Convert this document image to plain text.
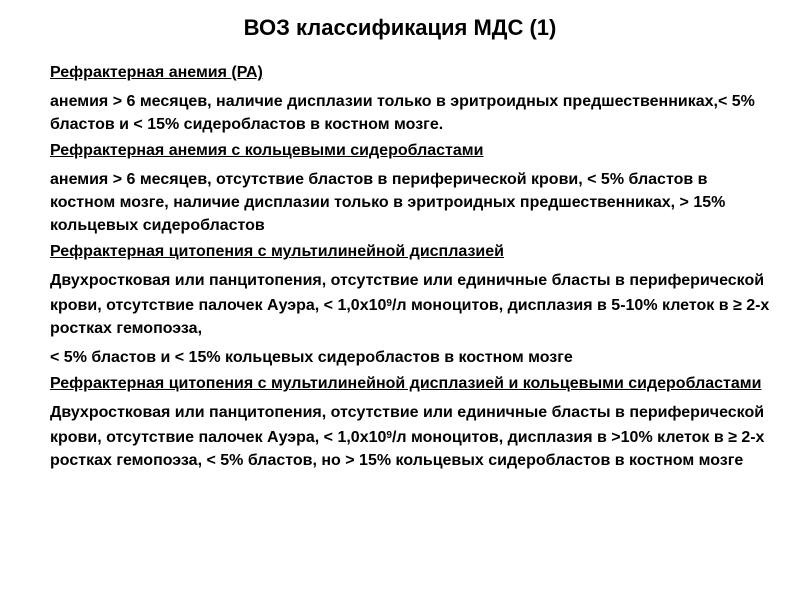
ВОЗ классификация МДС (1)

Рефрактерная анемия (РА)

анемия > 6 месяцев, наличие дисплазии только в эритроидных предшественниках,< 5% бластов и < 15% сидеробластов в костном мозге.

Рефрактерная анемия с кольцевыми сидеробластами

анемия > 6 месяцев, отсутствие бластов в периферической крови, < 5% бластов в костном мозге, наличие дисплазии только в эритроидных предшественниках, > 15% кольцевых сидеробластов

Рефрактерная цитопения с мультилинейной дисплазией

Двухростковая или панцитопения, отсутствие или единичные бласты в периферической крови, отсутствие палочек Ауэра, < $1,0х10^9/л$ моноцитов, дисплазия в 5-10% клеток в ≥ 2-х ростках гемопоэза,

< 5% бластов и < 15% кольцевых сидеробластов в костном мозге

Рефрактерная цитопения с мультилинейной дисплазией и кольцевыми сидеробластами

Двухростковая или панцитопения, отсутствие или единичные бласты в периферической крови, отсутствие палочек Ауэра, < $1,0х10^9/л$ моноцитов, дисплазия в >10% клеток в ≥ 2-х ростках гемопоэза, < 5% бластов, но > 15% кольцевых сидеробластов в костном мозге
